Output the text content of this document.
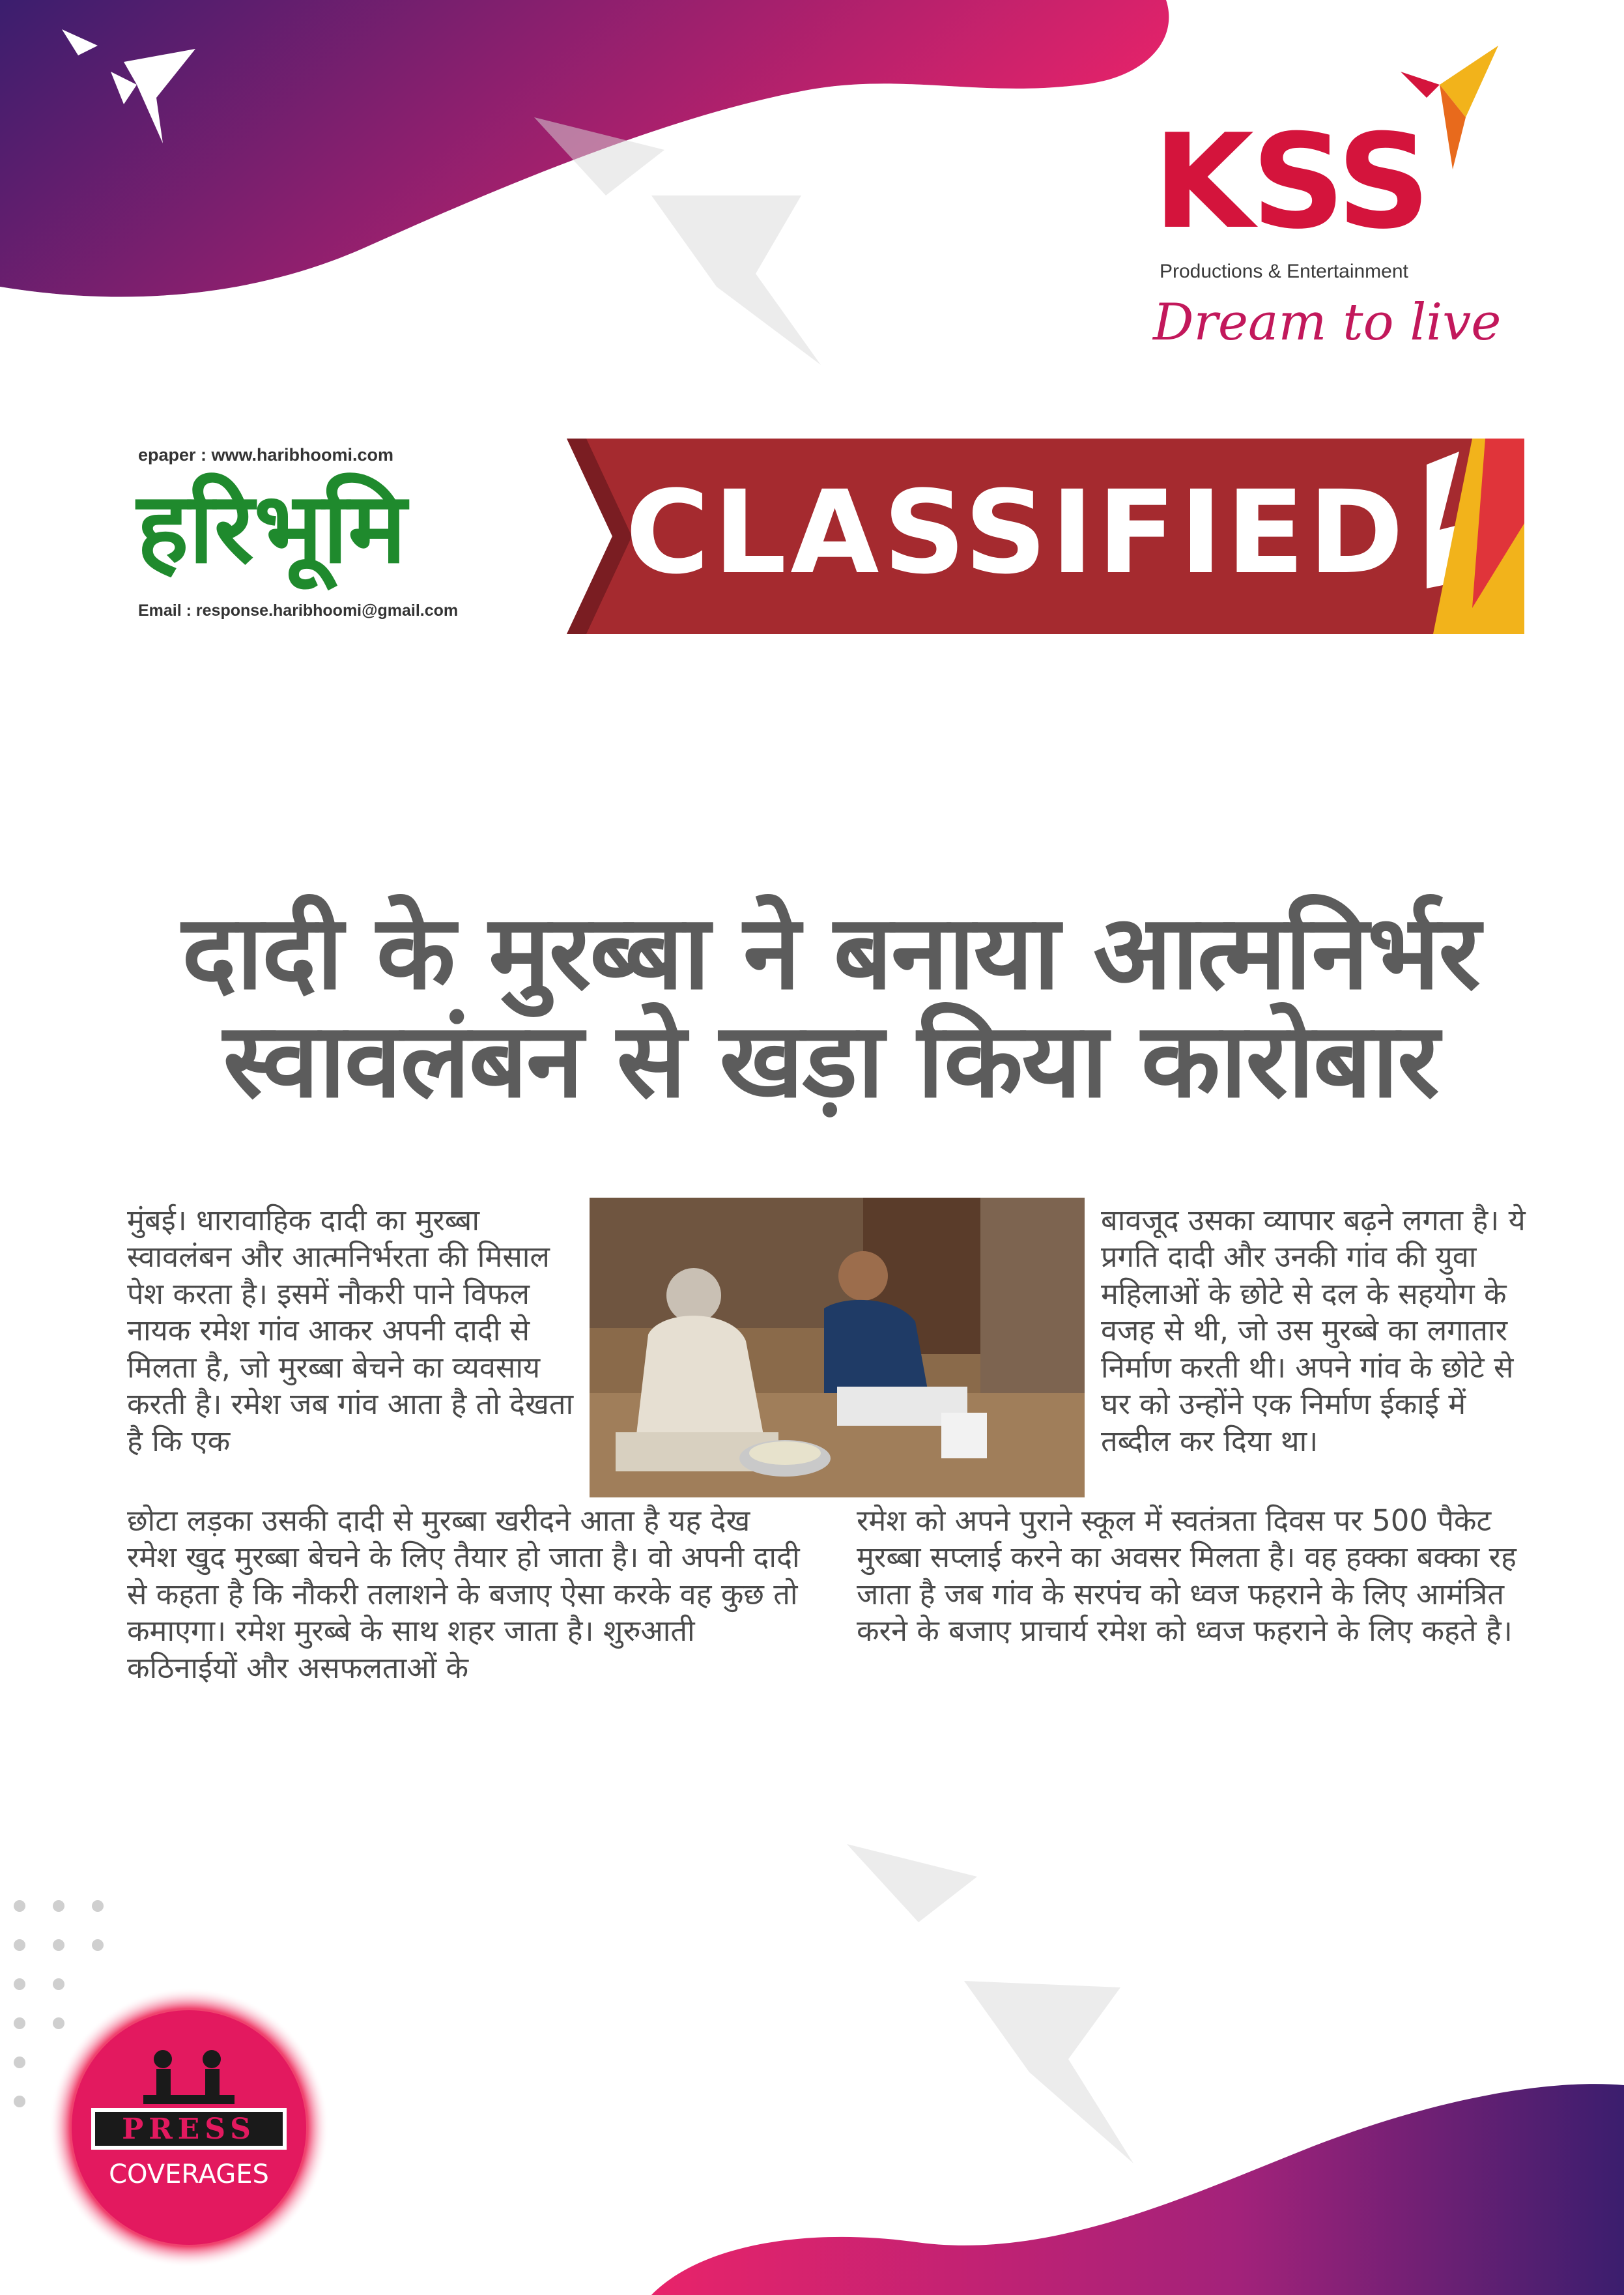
KSS
Productions & Entertainment
Dream to live
epaper : www.haribhoomi.com
हरिभूमि
Email : response.haribhoomi@gmail.com
CLASSIFIED
दादी के मुरब्बा ने बनाया आत्मनिर्भर
स्वावलंबन से खड़ा किया कारोबार
मुंबई। धारावाहिक दादी का मुरब्बा स्वावलंबन और आत्मनिर्भरता की मिसाल पेश करता है। इसमें नौकरी पाने विफल नायक रमेश गांव आकर अपनी दादी से मिलता है, जो मुरब्बा बेचने का व्यवसाय करती है। रमेश जब गांव आता है तो देखता है कि एक
छोटा लड़का उसकी दादी से मुरब्बा खरीदने आता है यह देख रमेश खुद मुरब्बा बेचने के लिए तैयार हो जाता है। वो अपनी दादी से कहता है कि नौकरी तलाशने के बजाए ऐसा करके वह कुछ तो कमाएगा। रमेश मुरब्बे के साथ शहर जाता है। शुरुआती कठिनाईयों और असफलताओं के
बावजूद उसका व्यापार बढ़ने लगता है। ये प्रगति दादी और उनकी गांव की युवा महिलाओं के छोटे से दल के सहयोग के वजह से थी, जो उस मुरब्बे का लगातार निर्माण करती थी। अपने गांव के छोटे से घर को उन्होंने एक निर्माण ईकाई में तब्दील कर दिया था।
रमेश को अपने पुराने स्कूल में स्वतंत्रता दिवस पर 500 पैकेट मुरब्बा सप्लाई करने का अवसर मिलता है। वह हक्का बक्का रह जाता है जब गांव के सरपंच को ध्वज फहराने के लिए आमंत्रित करने के बजाए प्राचार्य रमेश को ध्वज फहराने के लिए कहते है।
PRESS
COVERAGES
